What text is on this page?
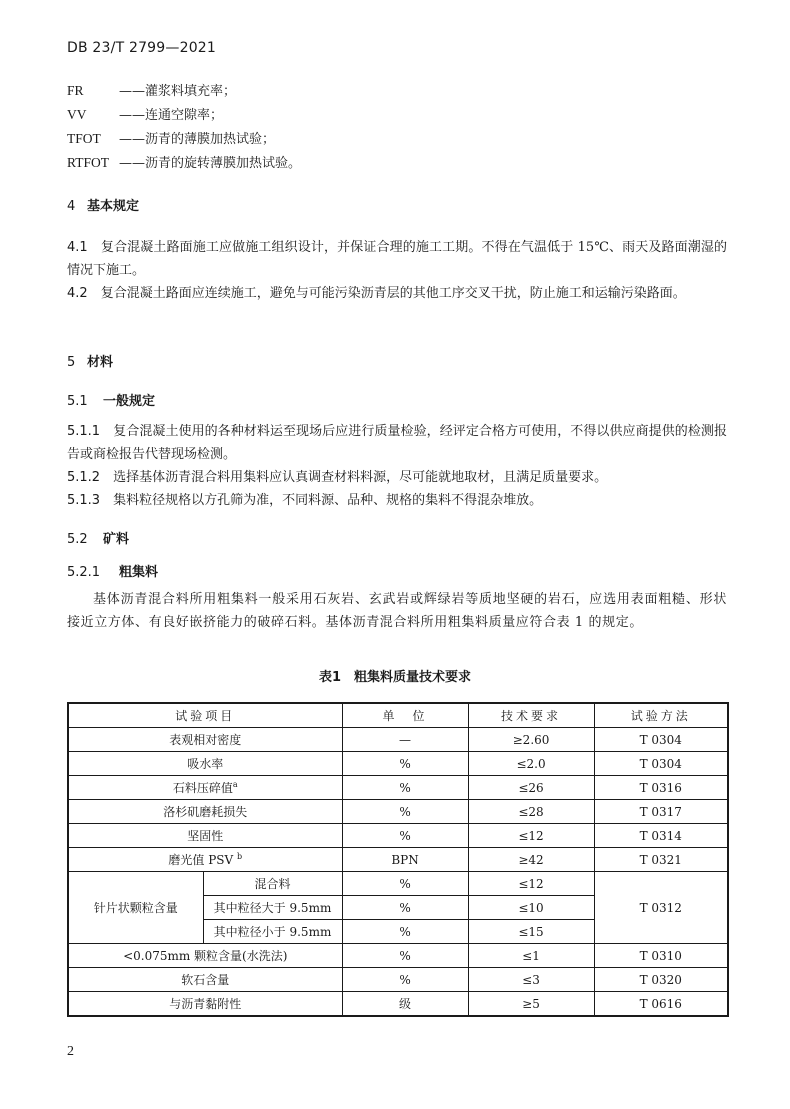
DB 23/T 2799—2021
FR	——灌浆料填充率；
VV	——连通空隙率；
TFOT ——沥青的薄膜加热试验；
RTFOT ——沥青的旋转薄膜加热试验。
4 基本规定
4.1　 复合混凝土路面施工应做施工组织设计，并保证合理的施工工期。不得在气温低于 15℃、雨天及路面潮湿的情况下施工。
4.2　 复合混凝土路面应连续施工，避免与可能污染沥青层的其他工序交叉干扰，防止施工和运输污染路面。
5 材料
5.1 一般规定
5.1.1　 复合混凝土使用的各种材料运至现场后应进行质量检验，经评定合格方可使用，不得以供应商提供的检测报告或商检报告代替现场检测。
5.1.2　 选择基体沥青混合料用集料应认真调查材料料源，尽可能就地取材，且满足质量要求。
5.1.3　 集料粒径规格以方孔筛为准，不同料源、品种、规格的集料不得混杂堆放。
5.2 矿料
5.2.1 粗集料
基体沥青混合料所用粗集料一般采用石灰岩、玄武岩或辉绿岩等质地坚硬的岩石，应选用表面粗糙、形状接近立方体、有良好嵌挤能力的破碎石料。基体沥青混合料所用粗集料质量应符合表 1 的规定。
表1　粗集料质量技术要求
试验项目		单　位	技术要求	试验方法
表观相对密度		—	≥2.60	T 0304
吸水率		%	≤2.0	T 0304
石料压碎值$^a$		%	≤26	T 0316
洛杉矶磨耗损失		%	≤28	T 0317
坚固性		%	≤12	T 0314
磨光值 PSV $^b$		BPN	≥42	T 0321
针片状颗粒含量	混合料	%	≤12	T 0312
	其中粒径大于 9.5mm	%	≤10	
	其中粒径小于 9.5mm	%	≤15	
<0.075mm 颗粒含量(水洗法)		%	≤1	T 0310
软石含量		%	≤3	T 0320
与沥青黏附性		级	≥5	T 0616
2
